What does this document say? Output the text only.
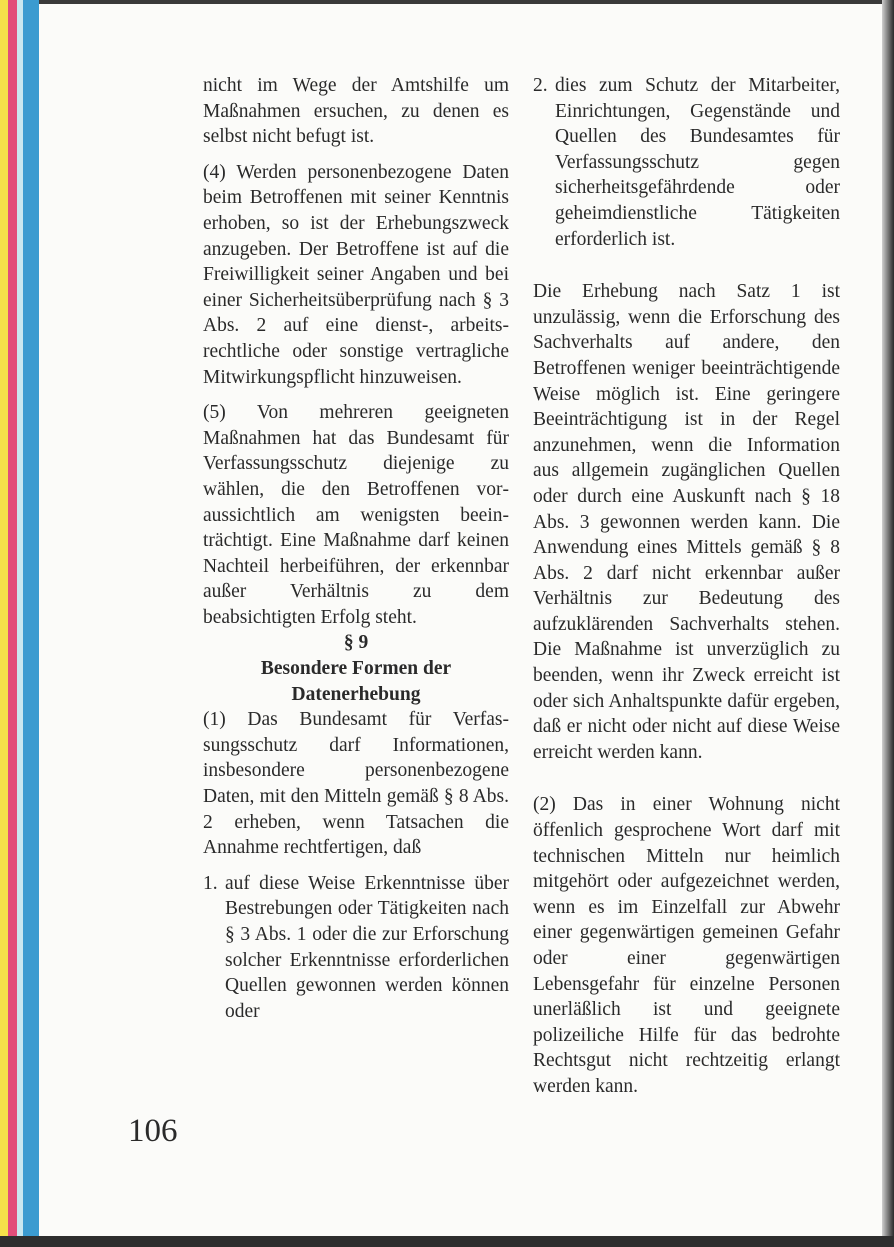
nicht im Wege der Amtshilfe um Maßnahmen ersuchen, zu denen es selbst nicht befugt ist.

(4) Werden personenbezogene Daten beim Betroffenen mit seiner Kenntnis erhoben, so ist der Erhebungszweck anzugeben. Der Betroffene ist auf die Freiwilligkeit seiner Angaben und bei einer Sicherheitsüberprüfung nach § 3 Abs. 2 auf eine dienst-, arbeitsrechtliche oder sonstige vertragliche Mitwirkungspflicht hinzuweisen.

(5) Von mehreren geeigneten Maßnahmen hat das Bundesamt für Verfassungsschutz diejenige zu wählen, die den Betroffenen voraussichtlich am wenigsten beeinträchtigt. Eine Maßnahme darf keinen Nachteil herbeiführen, der erkennbar außer Verhältnis zu dem beabsichtigten Erfolg steht.

§ 9

Besondere Formen der

Datenerhebung

(1) Das Bundesamt für Verfassungsschutz darf Informationen, insbesondere personenbezogene Daten, mit den Mitteln gemäß § 8 Abs. 2 erheben, wenn Tatsachen die Annahme rechtfertigen, daß

1. auf diese Weise Erkenntnisse über Bestrebungen oder Tätigkeiten nach § 3 Abs. 1 oder die zur Erforschung solcher Erkenntnisse erforderlichen Quellen gewonnen werden können oder
2. dies zum Schutz der Mitarbeiter, Einrichtungen, Gegenstände und Quellen des Bundesamtes für Verfassungsschutz gegen sicherheitsgefährdende oder geheimdienstliche Tätigkeiten erforderlich ist.

Die Erhebung nach Satz 1 ist unzulässig, wenn die Erforschung des Sachverhalts auf andere, den Betroffenen weniger beeinträchtigende Weise möglich ist. Eine geringere Beeinträchtigung ist in der Regel anzunehmen, wenn die Information aus allgemein zugänglichen Quellen oder durch eine Auskunft nach § 18 Abs. 3 gewonnen werden kann. Die Anwendung eines Mittels gemäß § 8 Abs. 2 darf nicht erkennbar außer Verhältnis zur Bedeutung des aufzuklärenden Sachverhalts stehen. Die Maßnahme ist unverzüglich zu beenden, wenn ihr Zweck erreicht ist oder sich Anhaltspunkte dafür ergeben, daß er nicht oder nicht auf diese Weise erreicht werden kann.

(2) Das in einer Wohnung nicht öffenlich gesprochene Wort darf mit technischen Mitteln nur heimlich mitgehört oder aufgezeichnet werden, wenn es im Einzelfall zur Abwehr einer gegenwärtigen gemeinen Gefahr oder einer gegenwärtigen Lebensgefahr für einzelne Personen unerläßlich ist und geeignete polizeiliche Hilfe für das bedrohte Rechtsgut nicht rechtzeitig erlangt werden kann.

106
